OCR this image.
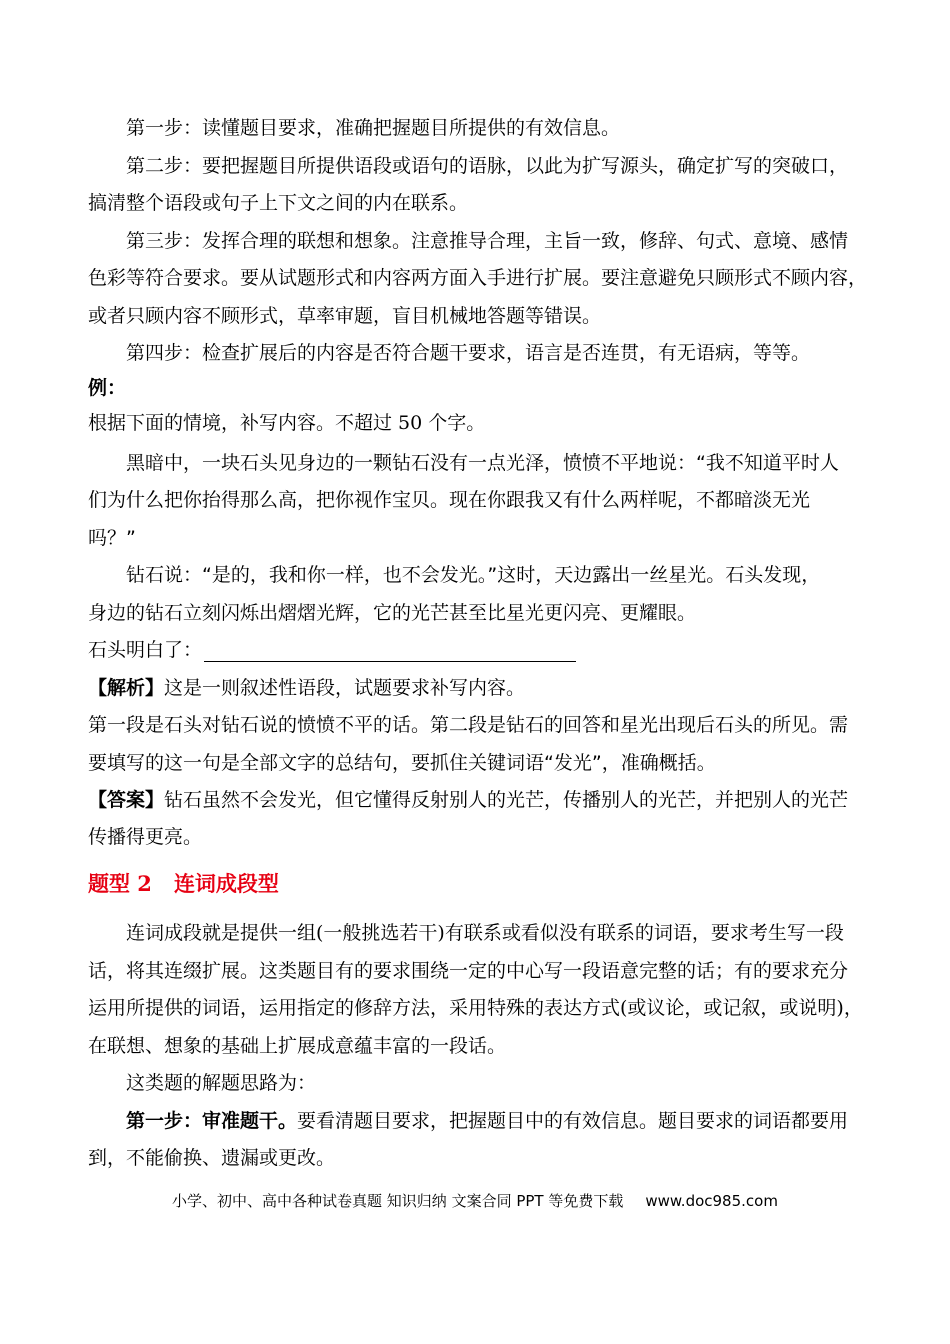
第一步：读懂题目要求，准确把握题目所提供的有效信息。
第二步：要把握题目所提供语段或语句的语脉，以此为扩写源头，确定扩写的突破口，
搞清整个语段或句子上下文之间的内在联系。
第三步：发挥合理的联想和想象。注意推导合理，主旨一致，修辞、句式、意境、感情
色彩等符合要求。要从试题形式和内容两方面入手进行扩展。要注意避免只顾形式不顾内容，
或者只顾内容不顾形式，草率审题，盲目机械地答题等错误。
第四步：检查扩展后的内容是否符合题干要求，语言是否连贯，有无语病，等等。
例：
根据下面的情境，补写内容。不超过 50 个字。
黑暗中，一块石头见身边的一颗钻石没有一点光泽，愤愤不平地说：“我不知道平时人
们为什么把你抬得那么高，把你视作宝贝。现在你跟我又有什么两样呢，不都暗淡无光
吗？”
钻石说：“是的，我和你一样，也不会发光。”这时，天边露出一丝星光。石头发现，
身边的钻石立刻闪烁出熠熠光辉，它的光芒甚至比星光更闪亮、更耀眼。
石头明白了：
【解析】这是一则叙述性语段，试题要求补写内容。
第一段是石头对钻石说的愤愤不平的话。第二段是钻石的回答和星光出现后石头的所见。需
要填写的这一句是全部文字的总结句，要抓住关键词语“发光”，准确概括。
【答案】钻石虽然不会发光，但它懂得反射别人的光芒，传播别人的光芒，并把别人的光芒
传播得更亮。
题型 2 连词成段型
连词成段就是提供一组(一般挑选若干)有联系或看似没有联系的词语，要求考生写一段
话，将其连缀扩展。这类题目有的要求围绕一定的中心写一段语意完整的话；有的要求充分
运用所提供的词语，运用指定的修辞方法，采用特殊的表达方式(或议论，或记叙，或说明)，
在联想、想象的基础上扩展成意蕴丰富的一段话。
这类题的解题思路为：
第一步：审准题干。要看清题目要求，把握题目中的有效信息。题目要求的词语都要用
到，不能偷换、遗漏或更改。
小学、初中、高中各种试卷真题 知识归纳 文案合同 PPT 等免费下载 www.doc985.com
